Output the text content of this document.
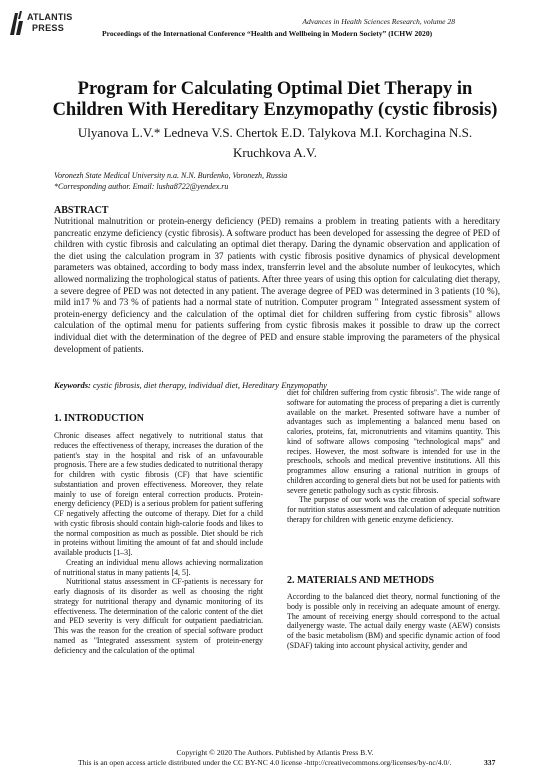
ATLANTIS
PRESS
Advances in Health Sciences Research, volume 28
Proceedings of the International Conference “Health and Wellbeing in Modern Society” (ICHW 2020)
Program for Calculating Optimal Diet Therapy in
Children With Hereditary Enzymopathy (cystic fibrosis)
Ulyanova L.V.* Ledneva V.S. Chertok E.D. Talykova M.I. Korchagina N.S.
Kruchkova A.V.
Voronezh State Medical University n.a. N.N. Burdenko, Voronezh, Russia
*Corresponding author. Email: lusha8722@yendex.ru
ABSTRACT
Nutritional malnutrition or protein-energy deficiency (PED) remains a problem in treating patients with a hereditary pancreatic enzyme deficiency (cystic fibrosis). A software product has been developed for assessing the degree of PED of children with cystic fibrosis and calculating an optimal diet therapy. Daring the dynamic observation and application of the diet using the calculation program in 37 patients with cystic fibrosis positive dynamics of physical development parameters was obtained, according to body mass index, transferrin level and the absolute number of leukocytes, which allowed normalizing the trophological status of patients. After three years of using this option for calculating diet therapy, a severe degree of PED was not detected in any patient. The average degree of PED was determined in 3 patients (10 %), mild in17 % and 73 % of patients had a normal state of nutrition. Computer program " Integrated assessment system of protein-energy deficiency and the calculation of the optimal diet for children suffering from cystic fibrosis" allows calculation of the optimal menu for patients suffering from cystic fibrosis makes it possible to draw up the correct individual diet with the determination of the degree of PED and ensure stable improving the parameters of the physical development of patients.
Keywords: cystic fibrosis, diet therapy, individual diet, Hereditary Enzymopathy
1. INTRODUCTION

Chronic diseases affect negatively to nutritional status that reduces the effectiveness of therapy, increases the duration of the patient's stay in the hospital and risk of an unfavourable prognosis. There are a few studies dedicated to nutritional therapy for children with cystic fibrosis (CF) that have scientific substantiation and proven effectiveness. Moreover, they relate mainly to use of foreign enteral correction products. Protein-energy deficiency (PED) is a serious problem for patient suffering CF negatively affecting the outcome of therapy. Diet for a child with cystic fibrosis should contain high-calorie foods and likes to the normal composition as much as possible. Diet should be rich in proteins without limiting the amount of fat and should include available products [1–3].

Creating an individual menu allows achieving normalization of nutritional status in many patients [4, 5].

Nutritional status assessment in CF-patients is necessary for early diagnosis of its disorder as well as choosing the right strategy for nutritional therapy and dynamic monitoring of its effectiveness. The determination of the caloric content of the diet and PED severity is very difficult for outpatient paediatrician. This was the reason for the creation of special software product named as "Integrated assessment system of protein-energy deficiency and the calculation of the optimal

diet for children suffering from cystic fibrosis". The wide range of software for automating the process of preparing a diet is currently available on the market. Presented software have a number of advantages such as implementing a balanced menu based on calories, proteins, fat, micronutrients and vitamins quantity. This kind of software allows composing "technological maps" and recipes. However, the most software is intended for use in the preschools, schools and medical preventive institutions. All this programmes allow ensuring a rational nutrition in groups of children according to general diets but not be used for patients with severe genetic pathology such as cystic fibrosis.

The purpose of our work was the creation of special software for nutrition status assessment and calculation of adequate nutrition therapy for children with genetic enzyme deficiency.

2. MATERIALS AND METHODS

According to the balanced diet theory, normal functioning of the body is possible only in receiving an adequate amount of energy. The amount of receiving energy should correspond to the actual dailyenergy waste. The actual daily energy waste (AEW) consists of the basic metabolism (BM) and specific dynamic action of food (SDAF) taking into account physical activity, gender and

Copyright © 2020 The Authors. Published by Atlantis Press B.V.
This is an open access article distributed under the CC BY-NC 4.0 license -http://creativecommons.org/licenses/by-nc/4.0/.	337
